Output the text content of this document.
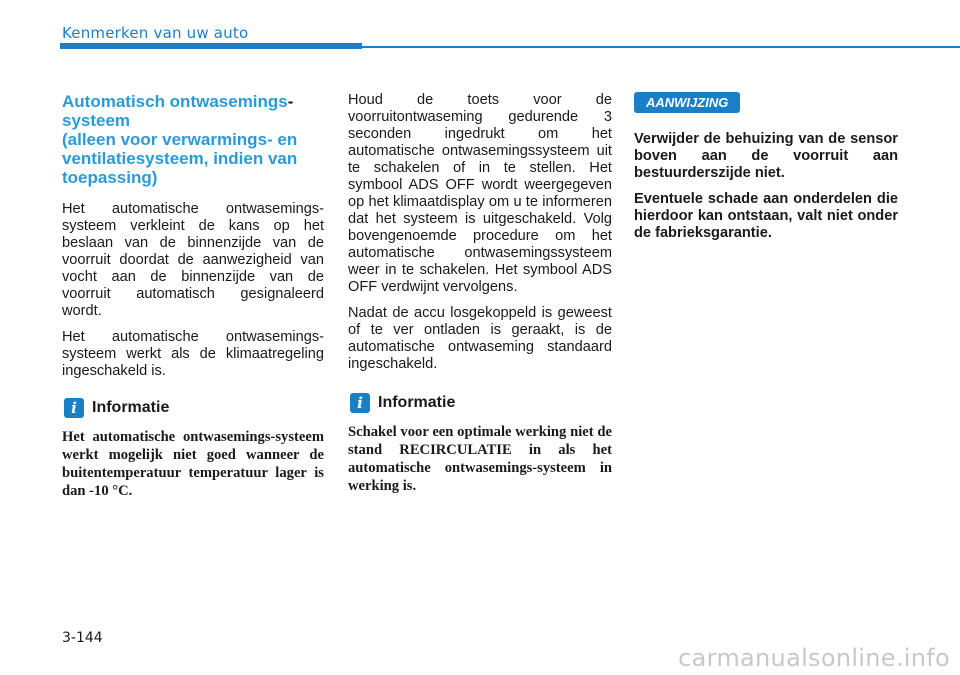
Kenmerken van uw auto
Automatisch ontwasemings-
systeem
(alleen voor verwarmings- en ventilatiesysteem, indien van toepassing)

Het automatische ontwasemings-systeem verkleint de kans op het beslaan van de binnenzijde van de voorruit doordat de aanwezigheid van vocht aan de binnenzijde van de voorruit automatisch gesignaleerd wordt.

Het automatische ontwasemings-systeem werkt als de klimaatregeling ingeschakeld is.

i Informatie

Het automatische ontwasemings-systeem werkt mogelijk niet goed wanneer de buitentemperatuur temperatuur lager is dan -10 °C.

Houd de toets voor de voorruitontwaseming gedurende 3 seconden ingedrukt om het automatische ontwasemingssysteem uit te schakelen of in te stellen. Het symbool ADS OFF wordt weergegeven op het klimaatdisplay om u te informeren dat het systeem is uitgeschakeld. Volg bovengenoemde procedure om het automatische ontwasemingssysteem weer in te schakelen. Het symbool ADS OFF verdwijnt vervolgens.

Nadat de accu losgekoppeld is geweest of te ver ontladen is geraakt, is de automatische ontwaseming standaard ingeschakeld.

i Informatie

Schakel voor een optimale werking niet de stand RECIRCULATIE in als het automatische ontwasemings-systeem in werking is.

AANWIJZING

Verwijder de behuizing van de sensor boven aan de voorruit aan bestuurderszijde niet.

Eventuele schade aan onderdelen die hierdoor kan ontstaan, valt niet onder de fabrieksgarantie.

3-144
carmanualsonline.info
